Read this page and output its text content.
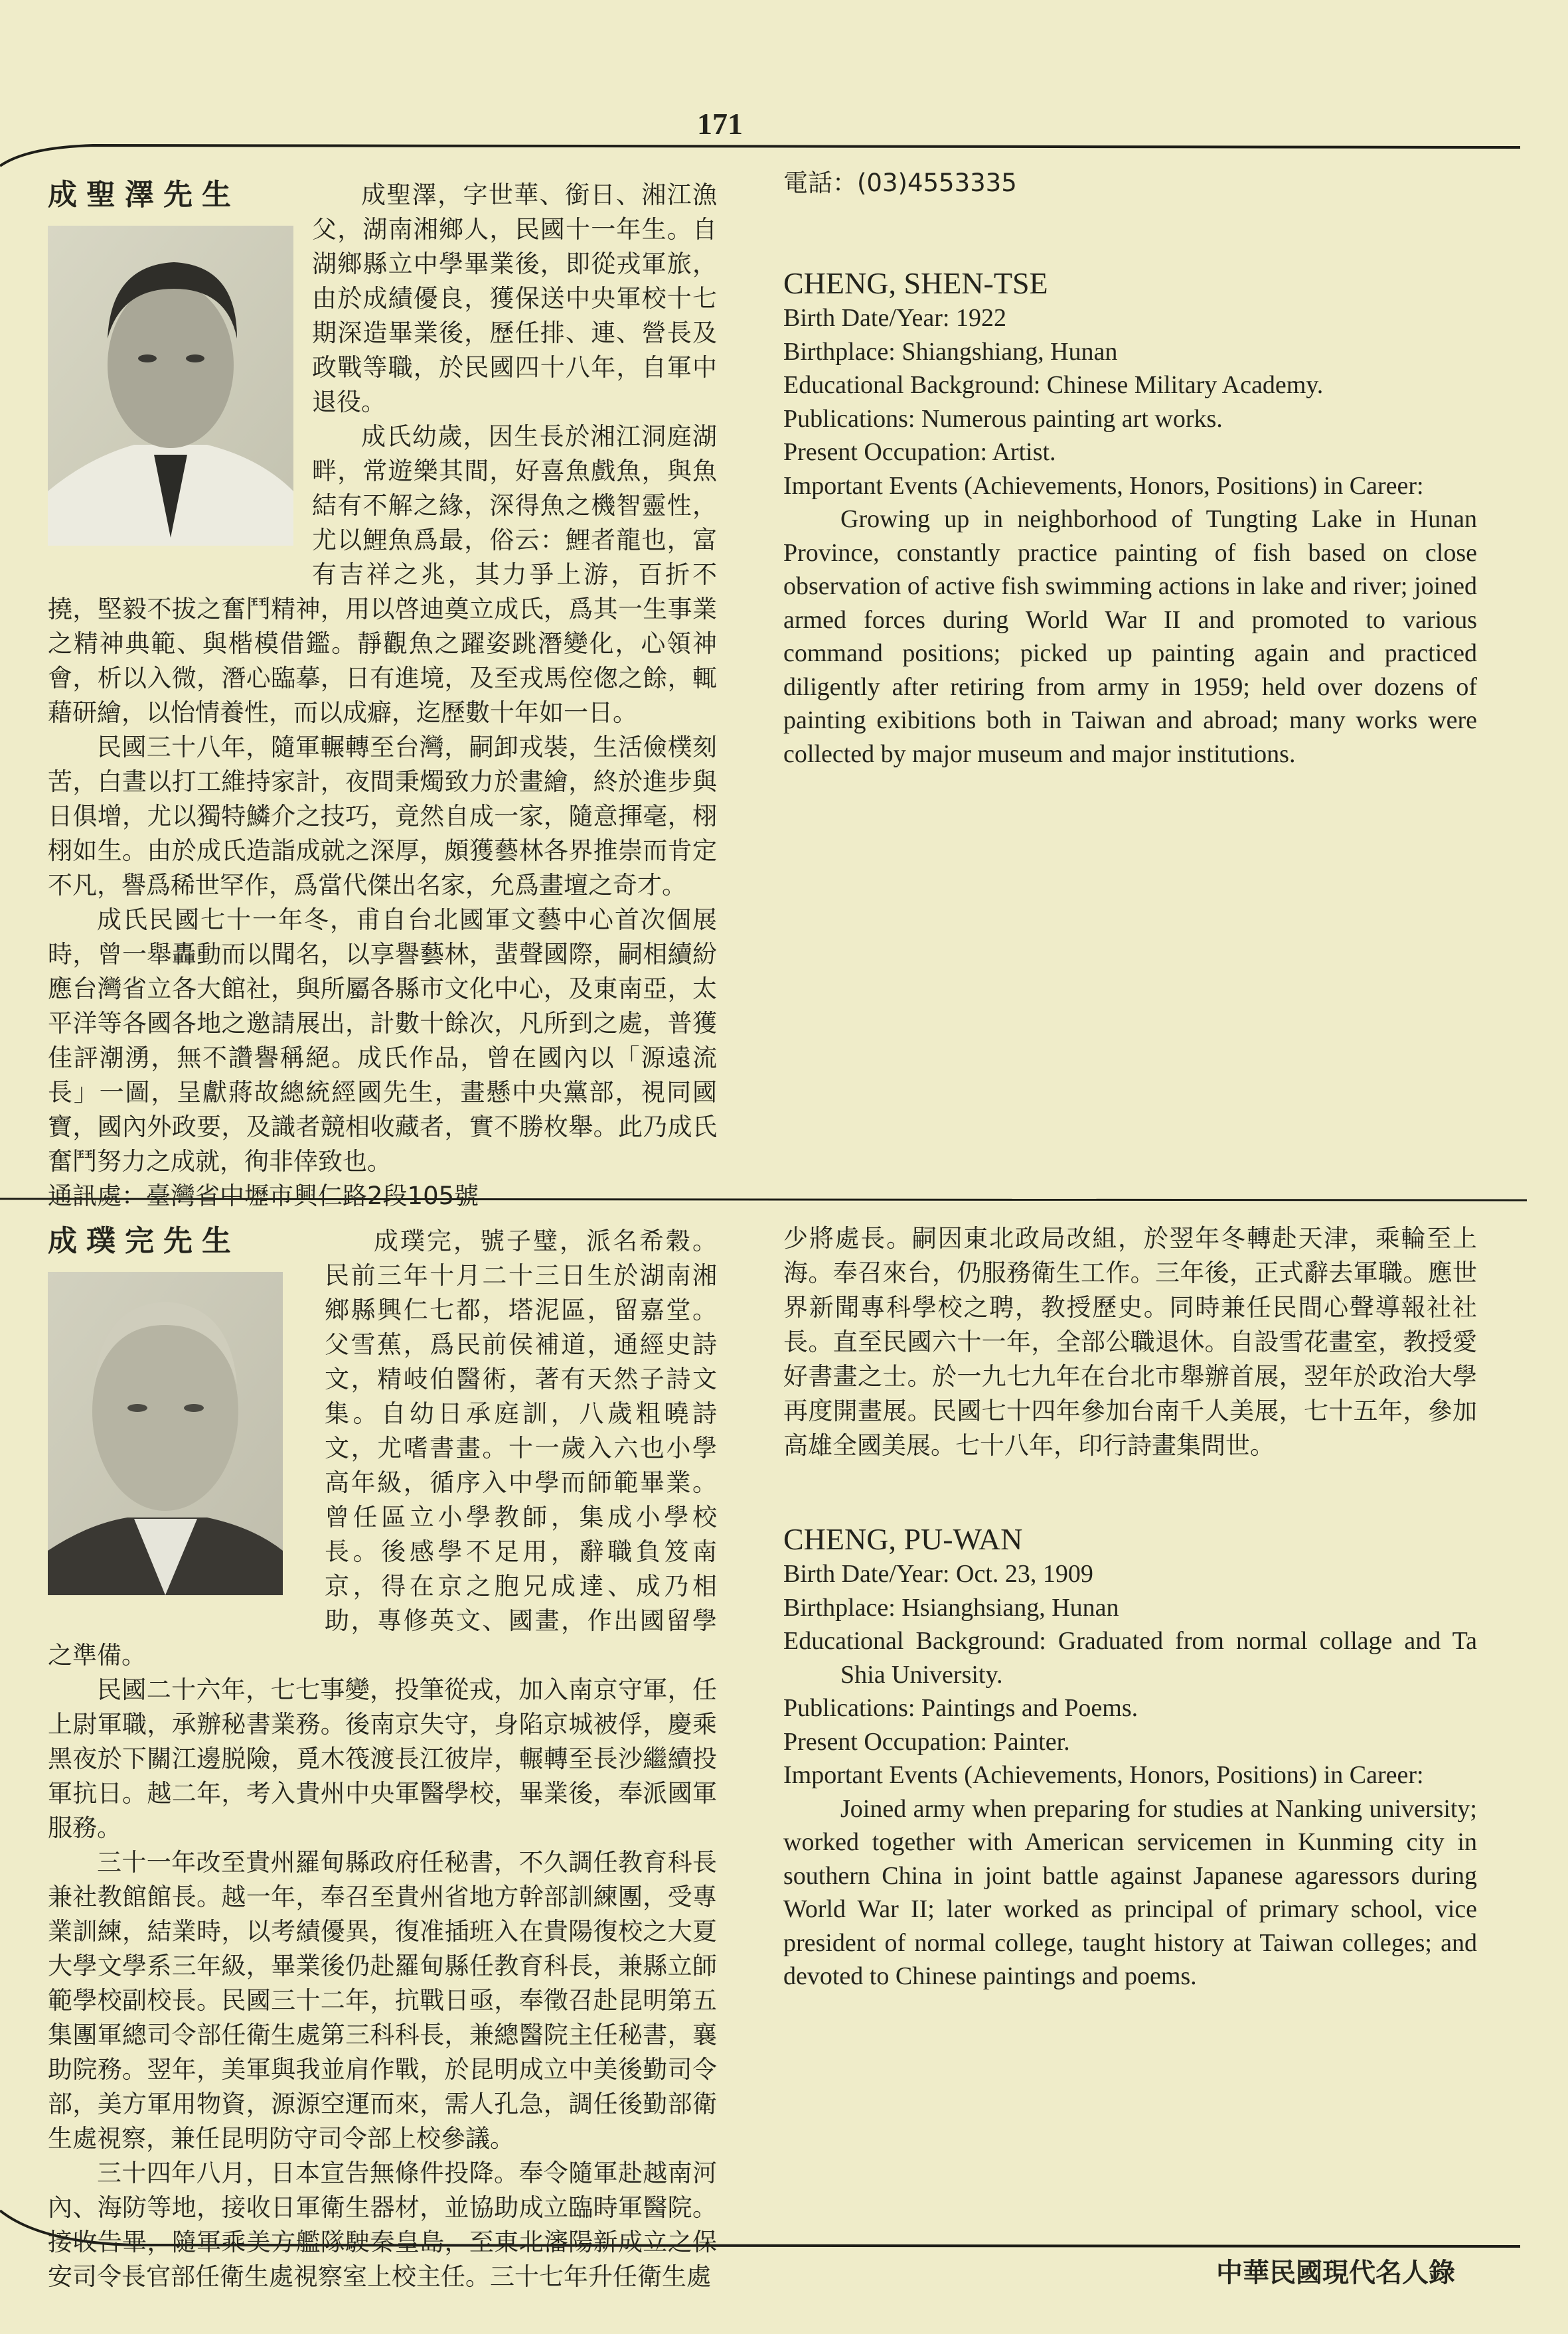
171
成聖澤先生	成聖澤，字世華、銜日、湘江漁父，湖南湘鄉人，民國十一年生。自湖鄉縣立中學畢業後，即從戎軍旅，由於成績優良，獲保送中央軍校十七期深造畢業後，歷任排、連、營長及政戰等職，於民國四十八年，自軍中退役。

成氏幼歲，因生長於湘江洞庭湖畔，常遊樂其間，好喜魚戲魚，與魚結有不解之緣，深得魚之機智靈性，尤以鯉魚爲最，俗云：鯉者龍也，富有吉祥之兆，其力爭上游，百折不撓，堅毅不拔之奮鬥精神，用以啓迪奠立成氏，爲其一生事業之精神典範、與楷模借鑑。靜觀魚之躍姿跳潛變化，心領神會，析以入微，潛心臨摹，日有進境，及至戎馬倥偬之餘，輒藉研繪，以怡情養性，而以成癖，迄歷數十年如一日。

民國三十八年，隨軍輾轉至台灣，嗣卸戎裝，生活儉樸刻苦，白晝以打工維持家計，夜間秉燭致力於畫繪，終於進步與日俱增，尤以獨特鱗介之技巧，竟然自成一家，隨意揮毫，栩栩如生。由於成氏造詣成就之深厚，頗獲藝林各界推崇而肯定不凡，譽爲稀世罕作，爲當代傑出名家，允爲畫壇之奇才。

成氏民國七十一年冬，甫自台北國軍文藝中心首次個展時，曾一舉轟動而以聞名，以享譽藝林，蜚聲國際，嗣相續紛應台灣省立各大館社，與所屬各縣市文化中心，及東南亞，太平洋等各國各地之邀請展出，計數十餘次，凡所到之處，普獲佳評潮湧，無不讚譽稱絕。成氏作品，曾在國內以「源遠流長」一圖，呈獻蔣故總統經國先生，畫懸中央黨部，視同國寶，國內外政要，及識者競相收藏者，實不勝枚舉。此乃成氏奮鬥努力之成就，徇非倖致也。

通訊處：臺灣省中壢市興仁路2段105號

電話：(03)4553335

CHENG, SHEN-TSE

Birth Date/Year: 1922

Birthplace: Shiangshiang, Hunan

Educational Background: Chinese Military Academy.

Publications: Numerous painting art works.

Present Occupation: Artist.

Important Events (Achievements, Honors, Positions) in Career:

Growing up in neighborhood of Tungting Lake in Hunan Province, constantly practice painting of fish based on close observation of active fish swimming actions in lake and river; joined armed forces during World War II and promoted to various command positions; picked up painting again and practiced diligently after retiring from army in 1959; held over dozens of painting exibitions both in Taiwan and abroad; many works were collected by major museum and major institutions.

成璞完先生	成璞完，號子璧，派名希穀。民前三年十月二十三日生於湖南湘鄉縣興仁七都，塔泥區，留嘉堂。父雪蕉，爲民前侯補道，通經史詩文，精岐伯醫術，著有天然子詩文集。自幼日承庭訓，八歲粗曉詩文，尤嗜書畫。十一歲入六也小學高年級，循序入中學而師範畢業。曾任區立小學教師，集成小學校長。後感學不足用，辭職負笈南京，得在京之胞兄成達、成乃相助，專修英文、國畫，作出國留學之準備。

民國二十六年，七七事變，投筆從戎，加入南京守軍，任上尉軍職，承辦秘書業務。後南京失守，身陷京城被俘，慶乘黑夜於下關江邊脱險，覓木筏渡長江彼岸，輾轉至長沙繼續投軍抗日。越二年，考入貴州中央軍醫學校，畢業後，奉派國軍服務。

三十一年改至貴州羅甸縣政府任秘書，不久調任教育科長兼社教館館長。越一年，奉召至貴州省地方幹部訓練團，受專業訓練，結業時，以考績優異，復准插班入在貴陽復校之大夏大學文學系三年級，畢業後仍赴羅甸縣任教育科長，兼縣立師範學校副校長。民國三十二年，抗戰日亟，奉徵召赴昆明第五集團軍總司令部任衛生處第三科科長，兼總醫院主任秘書，襄助院務。翌年，美軍與我並肩作戰，於昆明成立中美後勤司令部，美方軍用物資，源源空運而來，需人孔急，調任後勤部衛生處視察，兼任昆明防守司令部上校參議。

三十四年八月，日本宣告無條件投降。奉令隨軍赴越南河內、海防等地，接收日軍衛生器材，並協助成立臨時軍醫院。接收告畢，隨軍乘美方艦隊駛秦皇島，至東北瀋陽新成立之保安司令長官部任衛生處視察室上校主任。三十七年升任衛生處

少將處長。嗣因東北政局改組，於翌年冬轉赴天津，乘輪至上海。奉召來台，仍服務衛生工作。三年後，正式辭去軍職。應世界新聞專科學校之聘，教授歷史。同時兼任民間心聲導報社社長。直至民國六十一年，全部公職退休。自設雪花畫室，教授愛好書畫之士。於一九七九年在台北市舉辦首展，翌年於政治大學再度開畫展。民國七十四年參加台南千人美展，七十五年，參加高雄全國美展。七十八年，印行詩畫集問世。

CHENG, PU-WAN

Birth Date/Year: Oct. 23, 1909

Birthplace: Hsianghsiang, Hunan

Educational Background: Graduated from normal collage and Ta Shia University.

Publications: Paintings and Poems.

Present Occupation: Painter.

Important Events (Achievements, Honors, Positions) in Career:

Joined army when preparing for studies at Nanking university; worked together with American servicemen in Kunming city in southern China in joint battle against Japanese agaressors during World War II; later worked as principal of primary school, vice president of normal college, taught history at Taiwan colleges; and devoted to Chinese paintings and poems.

中華民國現代名人錄
